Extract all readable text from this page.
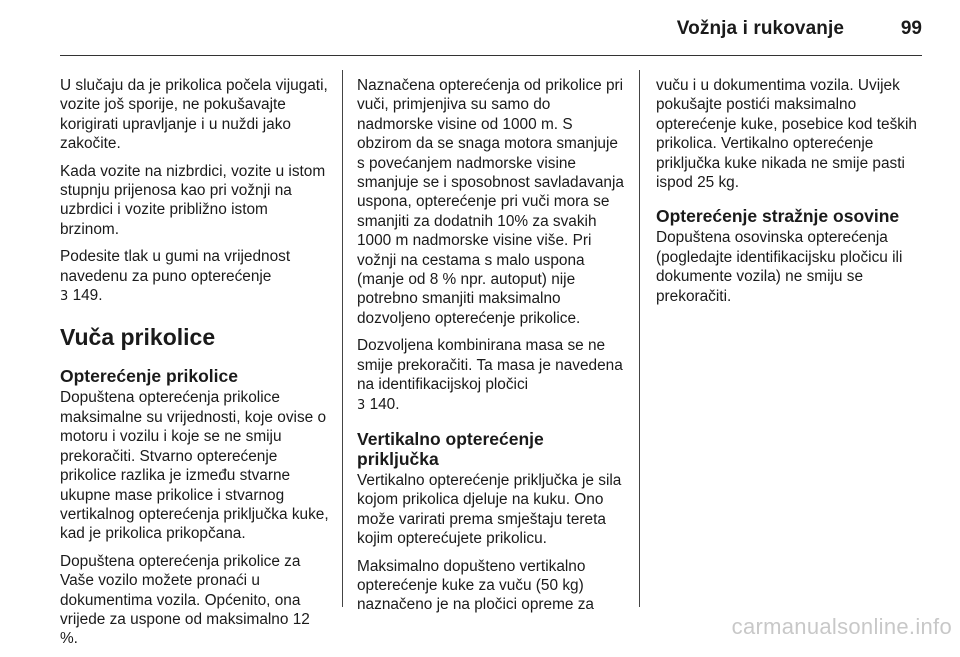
Vožnja i rukovanje	99

U slučaju da je prikolica počela vijugati, vozite još sporije, ne pokušavajte korigirati upravljanje i u nuždi jako zakočite.

Kada vozite na nizbrdici, vozite u istom stupnju prijenosa kao pri vožnji na uzbrdici i vozite približno istom brzinom.

Podesite tlak u gumi na vrijednost navedenu za puno opterećenje
3 149.

Vuča prikolice
Opterećenje prikolice

Dopuštena opterećenja prikolice maksimalne su vrijednosti, koje ovise o motoru i vozilu i koje se ne smiju prekoračiti. Stvarno opterećenje prikolice razlika je između stvarne ukupne mase prikolice i stvarnog vertikalnog opterećenja priključka kuke, kad je prikolica prikopčana.

Dopuštena opterećenja prikolice za Vaše vozilo možete pronaći u dokumentima vozila. Općenito, ona vrijede za uspone od maksimalno 12 %.

Naznačena opterećenja od prikolice pri vuči, primjenjiva su samo do nadmorske visine od 1000 m. S obzirom da se snaga motora smanjuje s povećanjem nadmorske visine smanjuje se i sposobnost savladavanja uspona, opterećenje pri vuči mora se smanjiti za dodatnih 10% za svakih 1000 m nadmorske visine više. Pri vožnji na cestama s malo uspona (manje od 8 % npr. autoput) nije potrebno smanjiti maksimalno dozvoljeno opterećenje prikolice.

Dozvoljena kombinirana masa se ne smije prekoračiti. Ta masa je navedena na identifikacijskoj pločici
3 140.

Vertikalno opterećenje priključka

Vertikalno opterećenje priključka je sila kojom prikolica djeluje na kuku. Ono može varirati prema smještaju tereta kojim opterećujete prikolicu.

Maksimalno dopušteno vertikalno opterećenje kuke za vuču (50 kg) naznačeno je na pločici opreme za

vuču i u dokumentima vozila. Uvijek pokušajte postići maksimalno opterećenje kuke, posebice kod teških prikolica. Vertikalno opterećenje priključka kuke nikada ne smije pasti ispod 25 kg.

Opterećenje stražnje osovine

Dopuštena osovinska opterećenja (pogledajte identifikacijsku pločicu ili dokumente vozila) ne smiju se prekoračiti.

carmanualsonline.info
